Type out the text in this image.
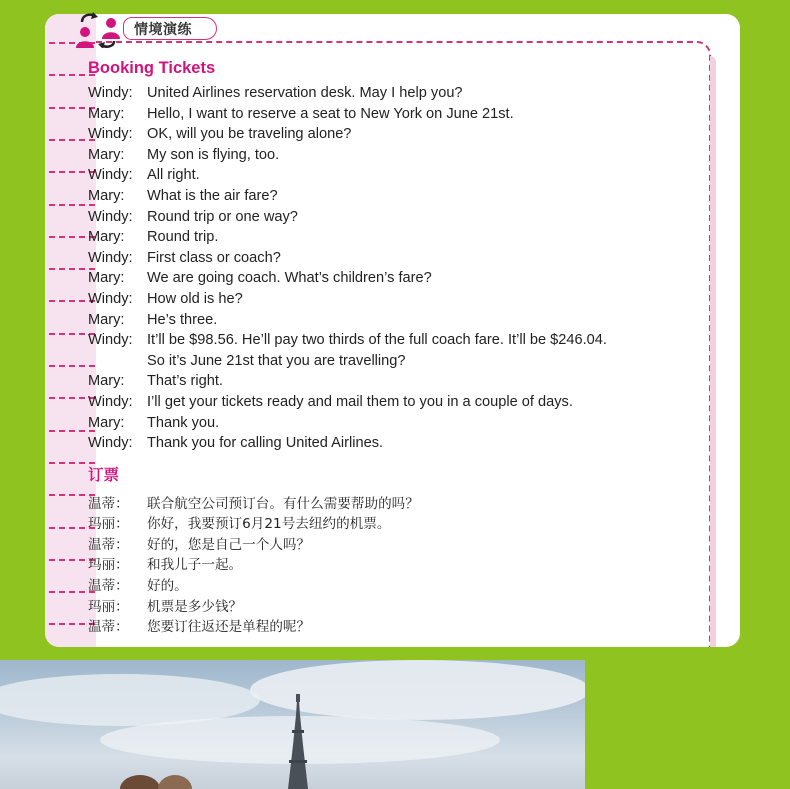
情境演练
Booking Tickets
Windy: United Airlines reservation desk. May I help you?
Mary:	Hello, I want to reserve a seat to New York on June 21st.
Windy: OK, will you be traveling alone?
Mary:	My son is flying, too.
Windy: All right.
Mary:	What is the air fare?
Windy: Round trip or one way?
Mary:	Round trip.
Windy: First class or coach?
Mary:	We are going coach. What’s children’s fare?
Windy: How old is he?
Mary:	He’s three.
Windy: It’ll be $98.56. He’ll pay two thirds of the full coach fare. It’ll be $246.04.
So it’s June 21st that you are travelling?
Mary:	That’s right.
Windy: I’ll get your tickets ready and mail them to you in a couple of days.
Mary:	Thank you.
Windy: Thank you for calling United Airlines.
订票
温蒂：	联合航空公司预订台。有什么需要帮助的吗？
玛丽：	你好，我要预订6月21号去纽约的机票。
温蒂：	好的，您是自己一个人吗？
玛丽：	和我儿子一起。
温蒂：	好的。
玛丽：	机票是多少钱？
温蒂：	您要订往返还是单程的呢？
